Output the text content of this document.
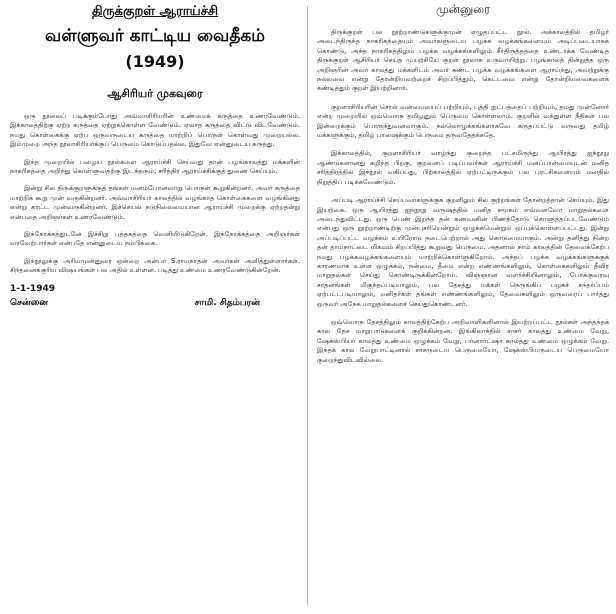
திருக்குறள் ஆராய்ச்சி
வள்ளுவர் காட்டிய வைதீகம்
(1949)
ஆசிரியர் முகவுரை

ஒரு நூலைப் படிக்கும்போது அவ்வாசிரியரின் உண்மைக் கருத்தை உணரவேண்டும். இக்காலத்திற்கு ஏற்ற கருத்தை ஏற்றுக்கொள்ள வேண்டும். ஏலாத கருத்தை விட்டு விடவேண்டும். நமது கொள்கைக்கு ஏற்ப ஒருவருடைய கருத்தை மாற்றிப் பொருள் கொள்வது முறையல்ல. இம்முறை அந்த நூலாசிரியர்க்குப் பெருமை கொடுப்பதல்ல. இதுவே என்னுடைய கருத்து.

இந்த முறையில் பழைய நூல்களை ஆராய்ச்சி செய்வது தான் பழங்காலத்து மக்களின் நாகரிகத்தை அறிந்து கொள்ளுவதற்கு இடந்தரும்; சரித்திர ஆராய்ச்சிக்குத் துணை செய்யும்.

இன்று சில திருக்குறளுக்குத் தங்கள் மனம்போனவாறு பொருள் கூறுகின்றனர். அவர் கருத்தை மாற்றிக் கூறு முன் வருகின்றனர். அவ்வாசிரியர் காலத்தில் வழங்காத கொள்கைகளை வழங்கினது என்று காட்ட முன்வருகின்றனர். இச்செயல் நடுநிலைமையான ஆராய்ச்சி முறைக்கு ஏற்றதன்று என்பதை அறிஞர்கள் உணரவேண்டும்.

இந்நோக்கத்துடனே இச்சிறு புத்தகத்தை வெளியிடுகிறேன். இந்நோக்கத்தை அறிஞர்கள் வரவேற்பார்கள் என்பதே என்னுடைய நம்பிக்கை.

இந்நூலுக்கு அரியமுன்னுரை ஒன்றை அன்பர் S.ராமநாதன் அவர்கள் அளித்துள்ளார்கள். சிந்தனைக்குரிய விஷயங்கள் பல அதில் உள்ளன. படித்து உண்மை உணரவேண்டுகின்றேன்.

1-1-1949
சென்னை	சாமி. சிதம்பரன்
முன்னுரை

திருக்குறள் பல நூற்றாண்டுகளுக்குமுன் எழுதப்பட்ட நூல். அக்காலத்தில் தமிழர் அடைந்திருந்த நாகரிகத்தையும் அவர்களுடைய பழக்க வழக்கங்களையும் அடிப்படையாகக் கொண்டு, அந்த நாகரிகத்திலும் பழக்க வழக்கங்களிலும் சீர்திருத்தத்தை உண்டாக்க வேண்டித் திருக்குறள் ஆசிரியர் செய்த முயற்சியே குறள் நூலாக உருவாயிற்று. பழங்காலத் தின்றுத்த ஒரு அறிஞரின் அவர் காலத்து மக்களிடம் அவர் கண்ட பழக்க வழக்கங்களை ஆராய்ந்து, அவற்றுக்கு நல்லவை என்று தோன்றியவற்றைச் சிறப்பித்தும், கெட்டவை என்று தோன்றியவைகளைக் கண்டித்தும் குறள் இயற்றினார்.

குறளாசிரியரின் சொல் வன்மையைப் பற்றியும், புத்தி நுட்பத்தைப் பற்றியும், தமது முன்னோர் என்ற முறையில் ஒவ்வொரு தமிழனும் பெருமை கொள்ளலாம். குறளில் வந்துள்ள நீதிகள் பல இன்றைக்கும் பொருந்துவனவாகும். நல்லொழுக்கங்களாகவே கருதப்பட்டு வருவது தமிழ் மக்களுக்கும், தமிழ் பாஷைக்கும் பெருமை தருவதேதக்கதே.

இக்காலத்தில், குறளாசிரியர் வாழ்ந்து குறைந்த பட்சமிருந்து ஆயிரத்து ஐந்நூறு ஆண்டுகளானது கழிந்த பிறகு, குறளைப் படிப்பவர்கள் ஆராய்ச்சி மனப்பான்மையுடன் மனித சரித்திரத்தில் இந்நூல் வகிப்பது, பிற்காலத்தில் ஏற்பட்டிருக்கும் பல புரட்சிகளையும் மனதில் நிறுத்திப் படிக்கவேண்டும்.

அப்படி ஆராய்ச்சி செய்பவர்களுக்குக் குறளிலும் சில குற்றங்கள் தோன்றத்தான் செய்யும். இது இயற்கை. ஒரு ஆயிரத்து ஐந்நூறு வருஷத்தில் மனித சமூகம் எவ்வளவோ மாறுதல்களை அடைந்துவிட்டது. ஒரு பெண் இறந்த தன் கணவனின் பிணத்தோடு கொளுத்தப்படவேண்டும் என்பது ஒரு நூற்றாண்டிற்கு முன்புசரியென்றும் ஒழுக்கமென்றும் ஒப்புக்கொள்ளப்பட்டது. இன்று அப்படிப்பட்ட வழக்கம் உயிரோடு நடைபெற்றால் அது கொடுமையாகும். அன்று தனித்து நின்ற தன் தாய்நாட்டை மிகவும் சிறப்பித்து கூறுவது பெருமை. அதனால் நாம் காலத்தின் தேவைக்கேற்ப நமது பழக்கவழக்கங்களையும் மாற்றிக்கொள்ளுகிறோம். அந்தப் பழக்க வழக்கங்களுக்குக் காரணமாக உள்ள ஒழுக்கம், நன்மை, தீமை என்ற எண்ணங்களிலும், கொள்கைகளிலும் தீவிர மாறுதல்கள் செய்து கொண்டிருக்கின்றோம். விஞ்ஞான வளர்ச்சியினாலும், போக்குவரவு சாதனங்கள் மிகுந்தப்படியாலும், பல தேசத்து மக்கள் நெருங்கிப் பழகச் சந்தர்ப்பம் ஏற்பட்டபடியாலும், மனிதர்கள் தங்கள் எண்ணங்களிலும், தேவைகளிலும் ஒருவரைப் பார்த்து ஒருவர் அநேக மாறுதல்களைச் செய்துகொண்டனர்.

ஒவ்வொரு தேசத்திலும் காலத்திற்கேற்ப அறிவாளிகளினால் இயற்றப்பட்ட நூல்கள் அந்தந்தக் கால தேச மாறுபாடுகளைக் குறிக்கின்றன. இங்கிலாந்தில் சாசர் காலத்து உண்மை வேறு, ஷேக்ஸ்பியர் காலத்து உண்மை ஒழுக்கம் வேறு, பர்னார்ட்ஷா காலத்து உண்மை ஒழுக்கம் வேறு. இந்தக் கால வேறுபாட்டினால் சாசருடைய பெருமையோ, ஷேக்ஸ்பியருடைய பெருமையோ குறைந்துவிடவில்லை.
